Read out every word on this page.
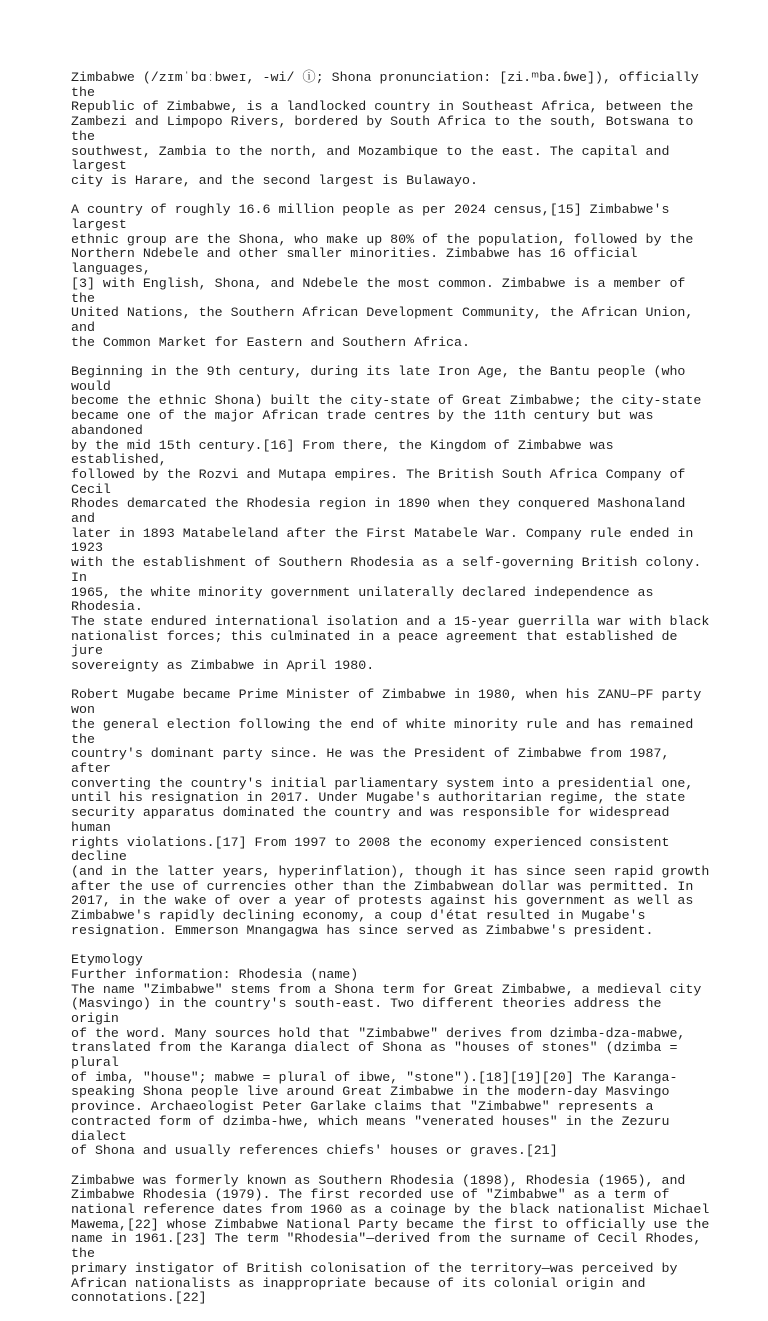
Zimbabwe (/zɪmˈbɑːbweɪ, -wi/ ⓘ; Shona pronunciation: [zi.ᵐba.ɓwe]), officially the
Republic of Zimbabwe, is a landlocked country in Southeast Africa, between the
Zambezi and Limpopo Rivers, bordered by South Africa to the south, Botswana to the
southwest, Zambia to the north, and Mozambique to the east. The capital and largest
city is Harare, and the second largest is Bulawayo.

A country of roughly 16.6 million people as per 2024 census,[15] Zimbabwe's largest
ethnic group are the Shona, who make up 80% of the population, followed by the
Northern Ndebele and other smaller minorities. Zimbabwe has 16 official languages,
[3] with English, Shona, and Ndebele the most common. Zimbabwe is a member of the
United Nations, the Southern African Development Community, the African Union, and
the Common Market for Eastern and Southern Africa.

Beginning in the 9th century, during its late Iron Age, the Bantu people (who would
become the ethnic Shona) built the city-state of Great Zimbabwe; the city-state
became one of the major African trade centres by the 11th century but was abandoned
by the mid 15th century.[16] From there, the Kingdom of Zimbabwe was established,
followed by the Rozvi and Mutapa empires. The British South Africa Company of Cecil
Rhodes demarcated the Rhodesia region in 1890 when they conquered Mashonaland and
later in 1893 Matabeleland after the First Matabele War. Company rule ended in 1923
with the establishment of Southern Rhodesia as a self-governing British colony. In
1965, the white minority government unilaterally declared independence as Rhodesia.
The state endured international isolation and a 15-year guerrilla war with black
nationalist forces; this culminated in a peace agreement that established de jure
sovereignty as Zimbabwe in April 1980.

Robert Mugabe became Prime Minister of Zimbabwe in 1980, when his ZANU–PF party won
the general election following the end of white minority rule and has remained the
country's dominant party since. He was the President of Zimbabwe from 1987, after
converting the country's initial parliamentary system into a presidential one,
until his resignation in 2017. Under Mugabe's authoritarian regime, the state
security apparatus dominated the country and was responsible for widespread human
rights violations.[17] From 1997 to 2008 the economy experienced consistent decline
(and in the latter years, hyperinflation), though it has since seen rapid growth
after the use of currencies other than the Zimbabwean dollar was permitted. In
2017, in the wake of over a year of protests against his government as well as
Zimbabwe's rapidly declining economy, a coup d'état resulted in Mugabe's
resignation. Emmerson Mnangagwa has since served as Zimbabwe's president.

Etymology

Further information: Rhodesia (name)

The name "Zimbabwe" stems from a Shona term for Great Zimbabwe, a medieval city
(Masvingo) in the country's south-east. Two different theories address the origin
of the word. Many sources hold that "Zimbabwe" derives from dzimba-dza-mabwe,
translated from the Karanga dialect of Shona as "houses of stones" (dzimba = plural
of imba, "house"; mabwe = plural of ibwe, "stone").[18][19][20] The Karanga-
speaking Shona people live around Great Zimbabwe in the modern-day Masvingo
province. Archaeologist Peter Garlake claims that "Zimbabwe" represents a
contracted form of dzimba-hwe, which means "venerated houses" in the Zezuru dialect
of Shona and usually references chiefs' houses or graves.[21]

Zimbabwe was formerly known as Southern Rhodesia (1898), Rhodesia (1965), and
Zimbabwe Rhodesia (1979). The first recorded use of "Zimbabwe" as a term of
national reference dates from 1960 as a coinage by the black nationalist Michael
Mawema,[22] whose Zimbabwe National Party became the first to officially use the
name in 1961.[23] The term "Rhodesia"—derived from the surname of Cecil Rhodes, the
primary instigator of British colonisation of the territory—was perceived by
African nationalists as inappropriate because of its colonial origin and
connotations.[22]
